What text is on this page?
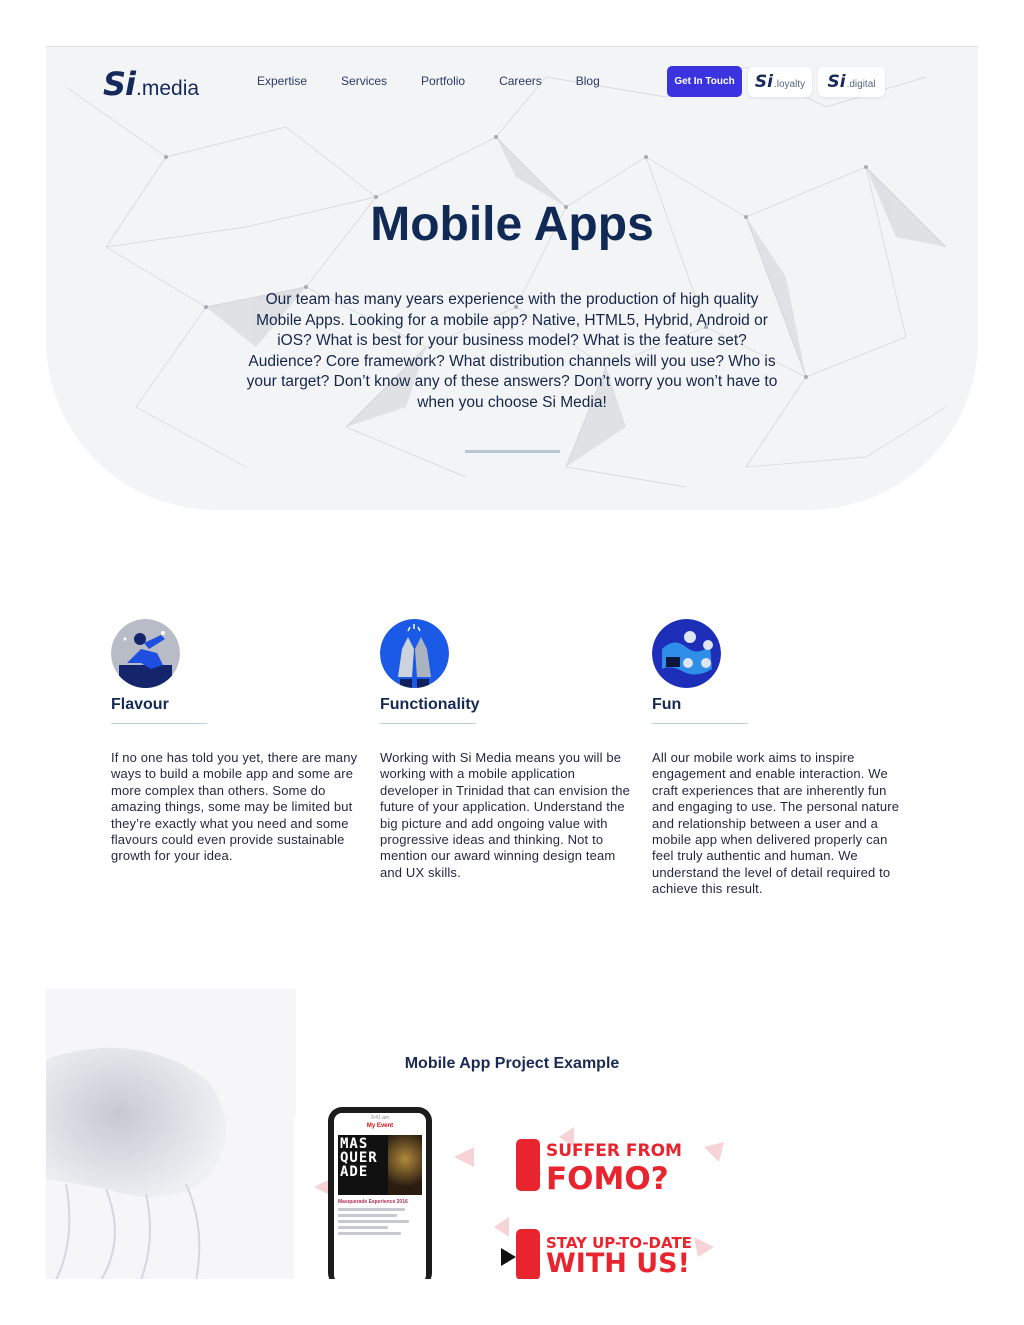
Si .media	Expertise	Services	Portfolio	Careers	Blog	Get In Touch	Si .loyalty Si .digital
Mobile Apps

Our team has many years experience with the production of high quality Mobile Apps. Looking for a mobile app? Native, HTML5, Hybrid, Android or iOS? What is best for your business model? What is the feature set? Audience? Core framework? What distribution channels will you use? Who is your target? Don’t know any of these answers? Don’t worry you won’t have to when you choose Si Media!

Flavour

If no one has told you yet, there are many ways to build a mobile app and some are more complex than others. Some do amazing things, some may be limited but they’re exactly what you need and some flavours could even provide sustainable growth for your idea.

Functionality

Working with Si Media means you will be working with a mobile application developer in Trinidad that can envision the future of your application. Understand the big picture and add ongoing value with progressive ideas and thinking. Not to mention our award winning design team and UX skills.

Fun

All our mobile work aims to inspire engagement and enable interaction. We craft experiences that are inherently fun and engaging to use. The personal nature and relationship between a user and a mobile app when delivered properly can feel truly authentic and human. We understand the level of detail required to achieve this result.

Mobile App Project Example
9:41 am
My Event
MAS QUER ADE
Masquerade Experience 2016
SUFFER FROM
FOMO?
STAY UP-TO-DATE
WITH US!
